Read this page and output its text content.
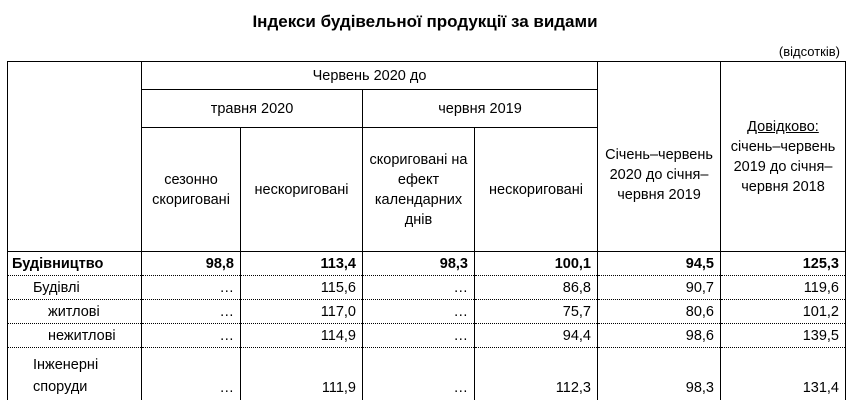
Індекси будівельної продукції за видами
(відсотків)
	Червень 2020 до				Січень–червень 2020 до січня–червня 2019	Довідково:
січень–червень 2019 до січня–червня 2018

	травня 2020		червня 2019			
	сезонно скориговані	нескориговані	скориговані на ефект календарних днів	нескориговані		
Будівництво	98,8	113,4	98,3	100,1	94,5	125,3
Будівлі	…	115,6	…	86,8	90,7	119,6
житлові	…	117,0	…	75,7	80,6	101,2
нежитлові	…	114,9	…	94,4	98,6	139,5
Інженерні споруди	…	111,9	…	112,3	98,3	131,4
